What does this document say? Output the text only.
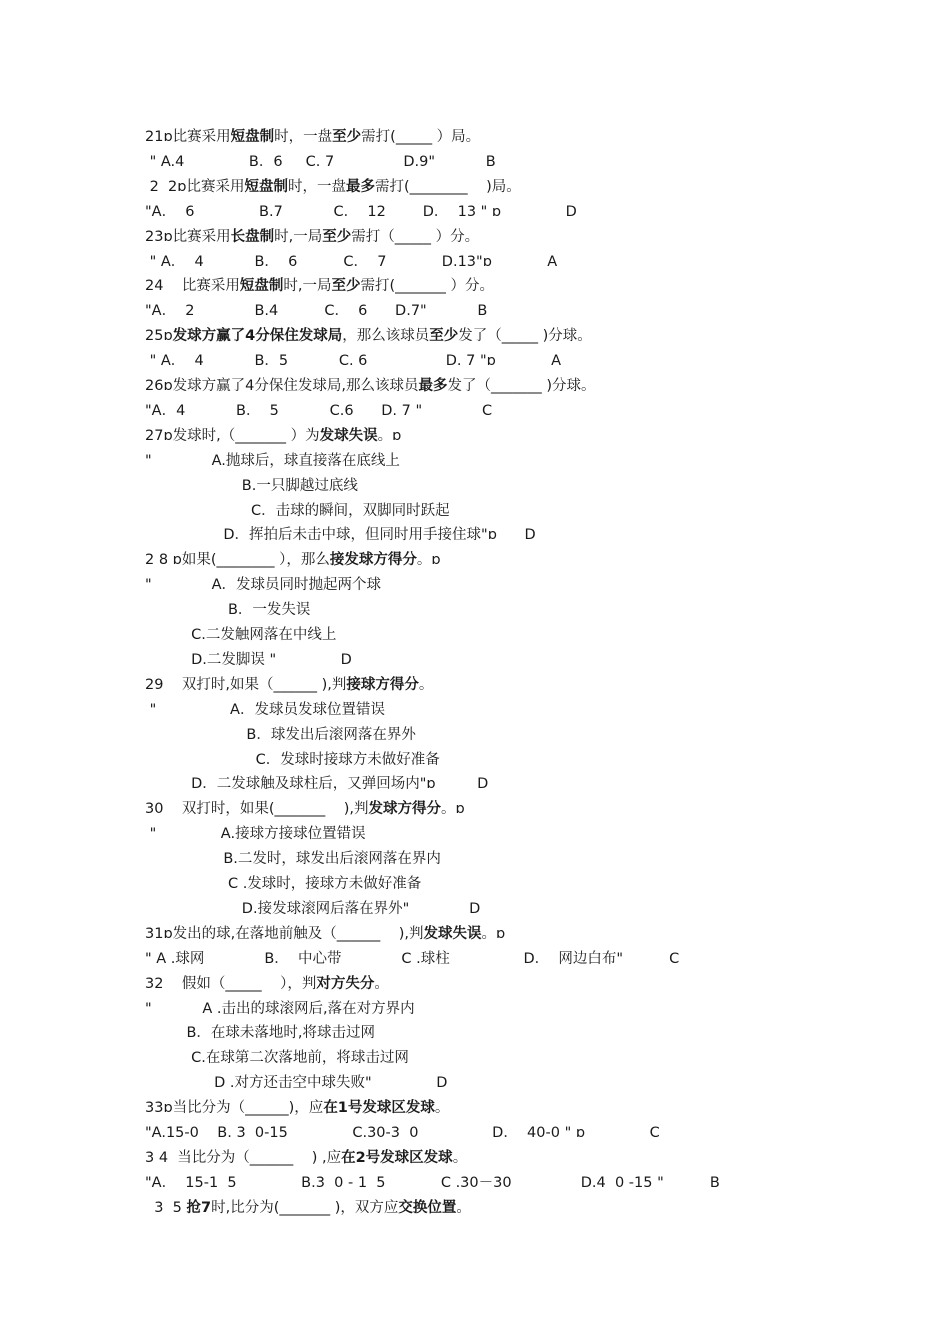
21ɒ比赛采用短盘制时，一盘至少需打(_____ ）局。
" A.4              B．6     C. 7               D.9"           B
2  2ɒ比赛采用短盘制时，一盘最多需打(________    )局。
"A．  6              B.7           C．  12        D．  13 " ɒ              D
23ɒ比赛采用长盘制时,一局至少需打（_____ ）分。
" A．  4           B．  6          C．  7            D.13"ɒ            A
24    比赛采用短盘制时,一局至少需打(_______ ）分。
"A．  2             B.4          C．  6      D.7"           B
25ɒ发球方赢了4分保住发球局，那么该球员至少发了（_____ )分球。
" A．  4           B．5           C. 6                 D. 7 "ɒ            A
26ɒ发球方赢了4分保住发球局,那么该球员最多发了（_______ )分球。
"A．4           B．  5           C.6      D. 7 "             C
27ɒ发球时,（_______ ）为发球失误。ɒ
"             A.抛球后，球直接落在底线上
B.一只脚越过底线
C．击球的瞬间，双脚同时跃起
D．挥拍后未击中球，但同时用手接住球"ɒ      D
2 8 ɒ如果(________ ），那么接发球方得分。ɒ
"             A．发球员同时抛起两个球
B．一发失误
C.二发触网落在中线上
D.二发脚误 "              D
29    双打时,如果（______ ),判接球方得分。
"                A．发球员发球位置错误
B．球发出后滚网落在界外
C．发球时接球方未做好准备
D．二发球触及球柱后，又弹回场内"ɒ         D
30    双打时，如果(_______    ),判发球方得分。ɒ
"              A.接球方接球位置错误
B.二发时，球发出后滚网落在界内
C .发球时，接球方未做好准备
D.接发球滚网后落在界外"             D
31ɒ发出的球,在落地前触及（______    ),判发球失误。ɒ
" A .球网             B．  中心带             C .球柱                D．  网边白布"          C
32    假如（_____    ），判对方失分。
"           A .击出的球滚网后,落在对方界内
B．在球未落地时,将球击过网
C.在球第二次落地前，将球击过网
D .对方还击空中球失败"              D
33ɒ当比分为（______)，应在1号发球区发球。
"A.15-0    B. 3  0-15              C.30-3  0                D．  40-0 " ɒ              C
3 4  当比分为（______    ) ,应在2号发球区发球。
"A．  15-1  5              B.3  0 - 1  5            C .30－30               D.4  0 -15 "          B
3  5 抢7时,比分为(_______ )，双方应交换位置。
